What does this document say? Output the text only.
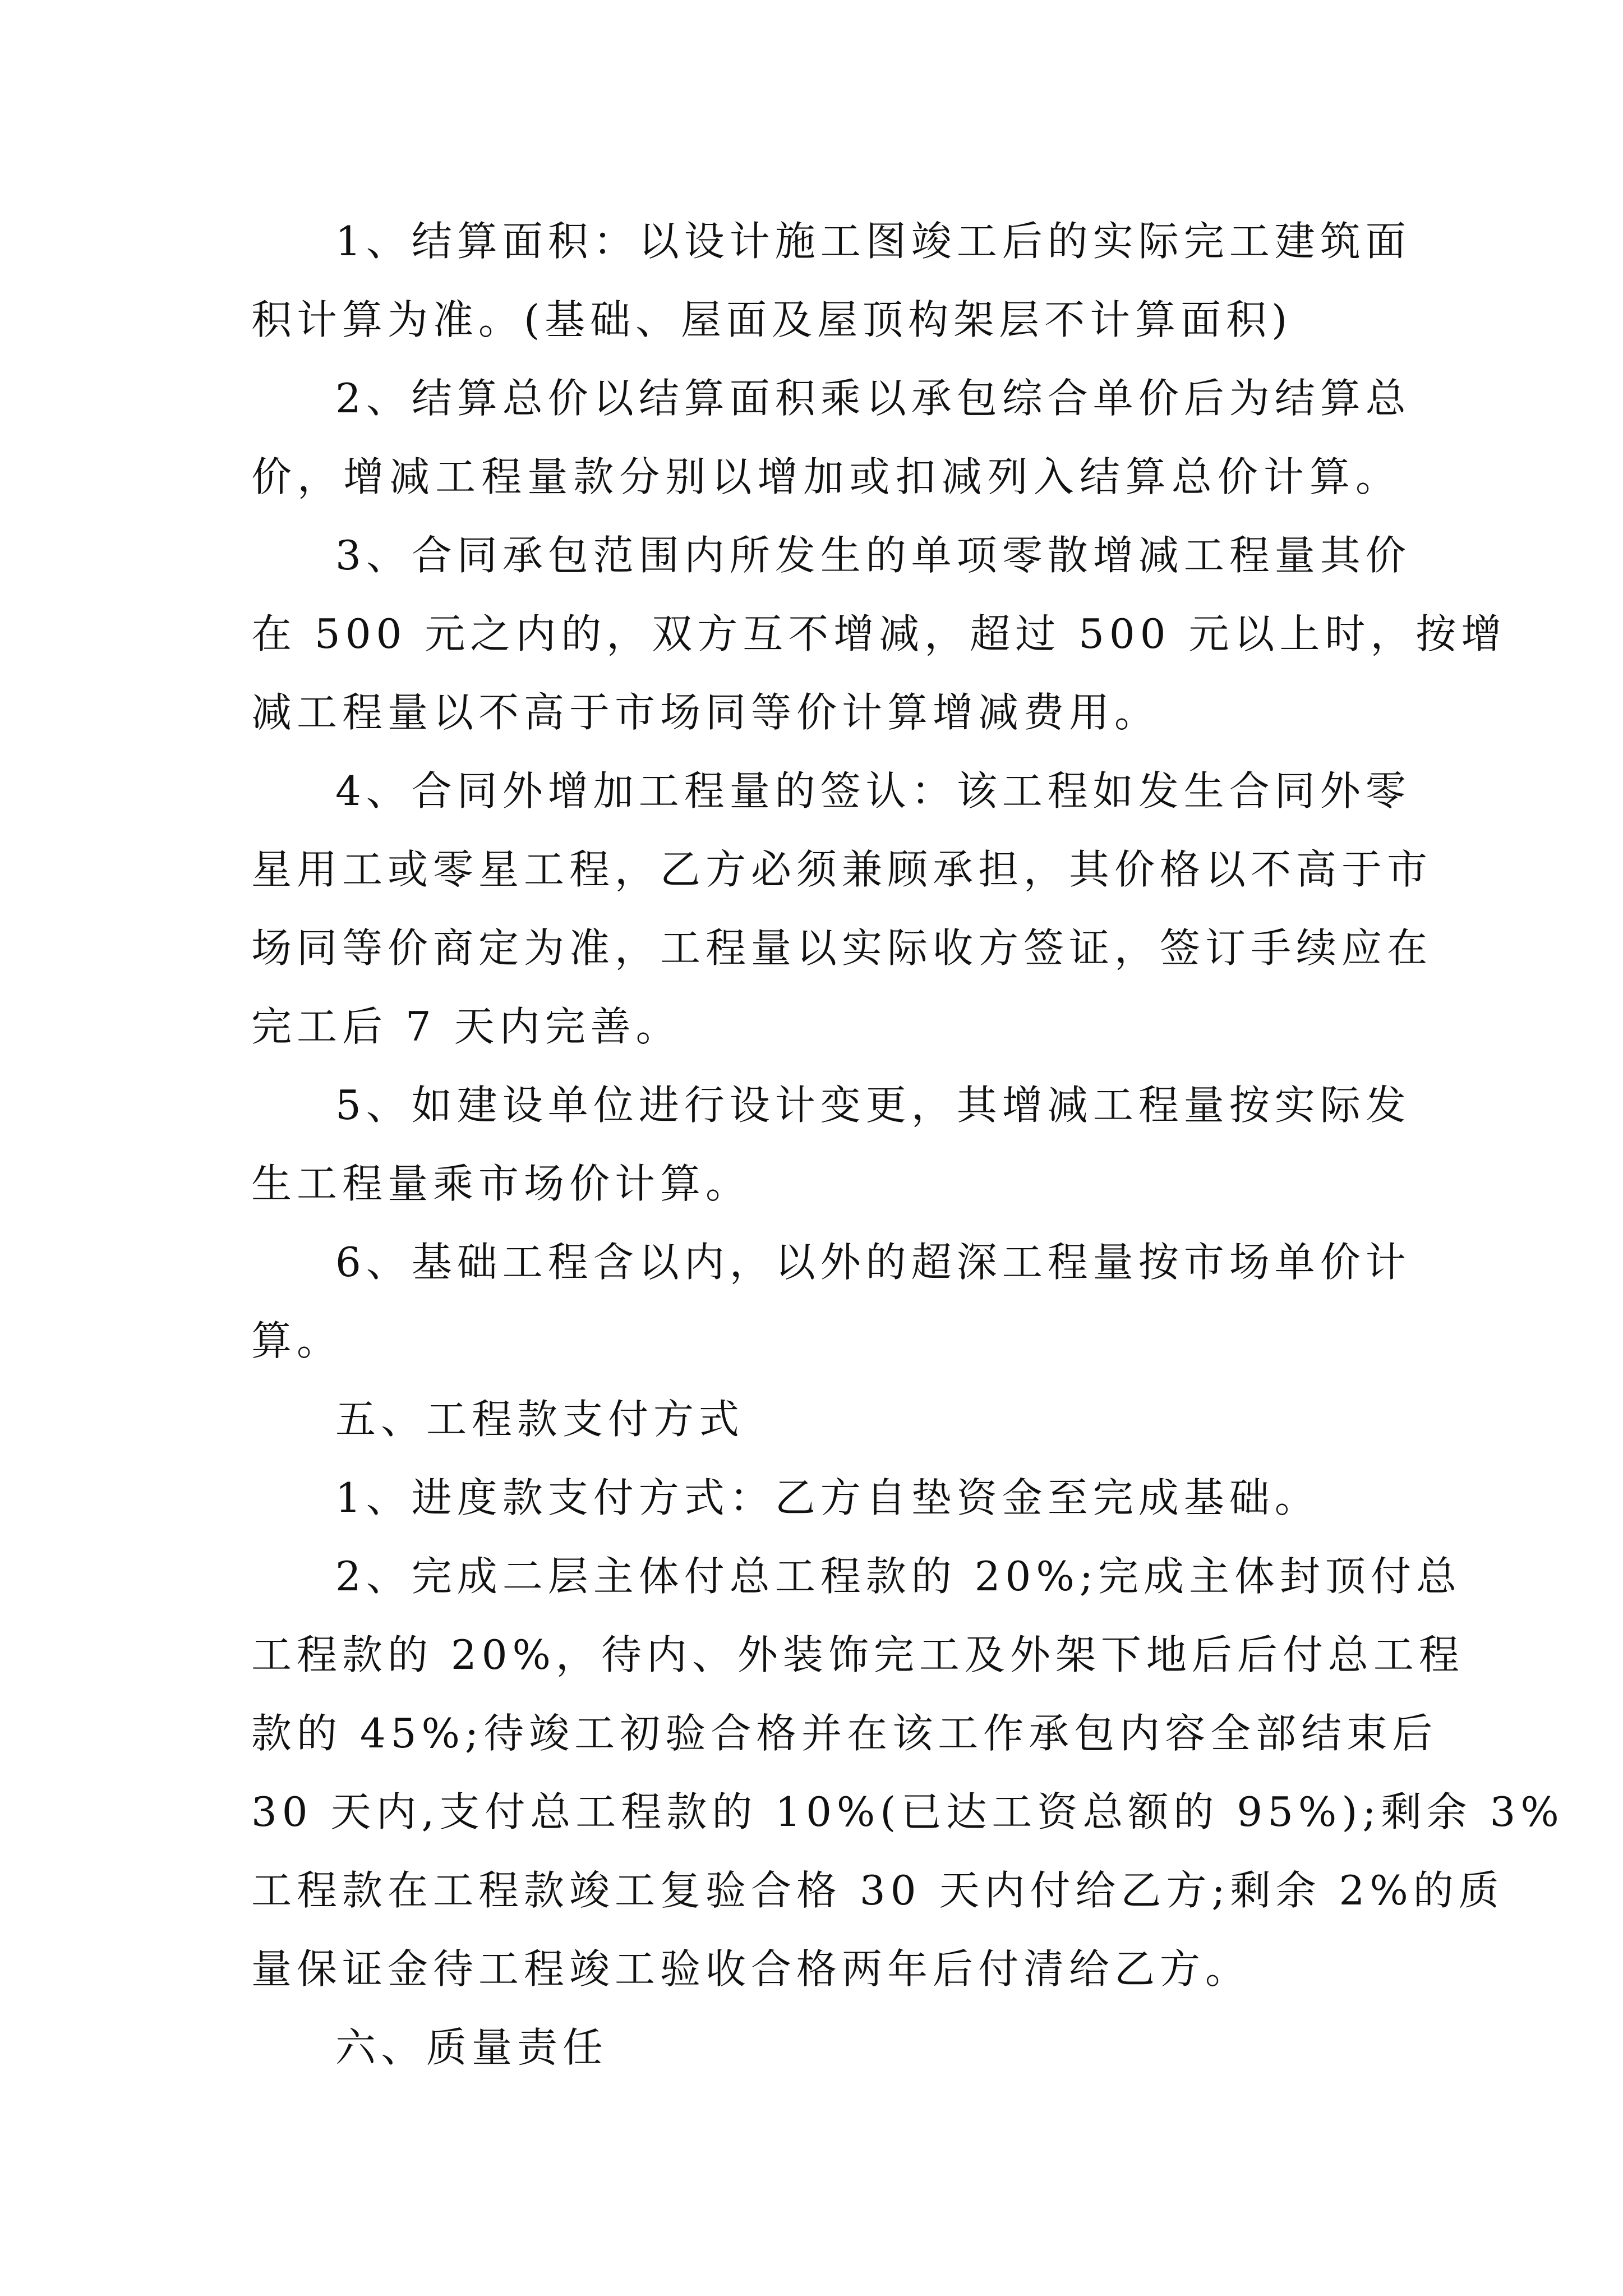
1、结算面积：以设计施工图竣工后的实际完工建筑面

积计算为准。(基础、屋面及屋顶构架层不计算面积)

2、结算总价以结算面积乘以承包综合单价后为结算总

价，增减工程量款分别以增加或扣减列入结算总价计算。

3、合同承包范围内所发生的单项零散增减工程量其价

在 500 元之内的，双方互不增减，超过 500 元以上时，按增

减工程量以不高于市场同等价计算增减费用。

4、合同外增加工程量的签认：该工程如发生合同外零

星用工或零星工程，乙方必须兼顾承担，其价格以不高于市

场同等价商定为准，工程量以实际收方签证，签订手续应在

完工后 7 天内完善。

5、如建设单位进行设计变更，其增减工程量按实际发

生工程量乘市场价计算。

6、基础工程含以内，以外的超深工程量按市场单价计

算。

五、工程款支付方式

1、进度款支付方式：乙方自垫资金至完成基础。

2、完成二层主体付总工程款的 20%;完成主体封顶付总

工程款的 20%，待内、外装饰完工及外架下地后后付总工程

款的 45%;待竣工初验合格并在该工作承包内容全部结束后

30 天内,支付总工程款的 10%(已达工资总额的 95%);剩余 3%

工程款在工程款竣工复验合格 30 天内付给乙方;剩余 2%的质

量保证金待工程竣工验收合格两年后付清给乙方。

六、质量责任
